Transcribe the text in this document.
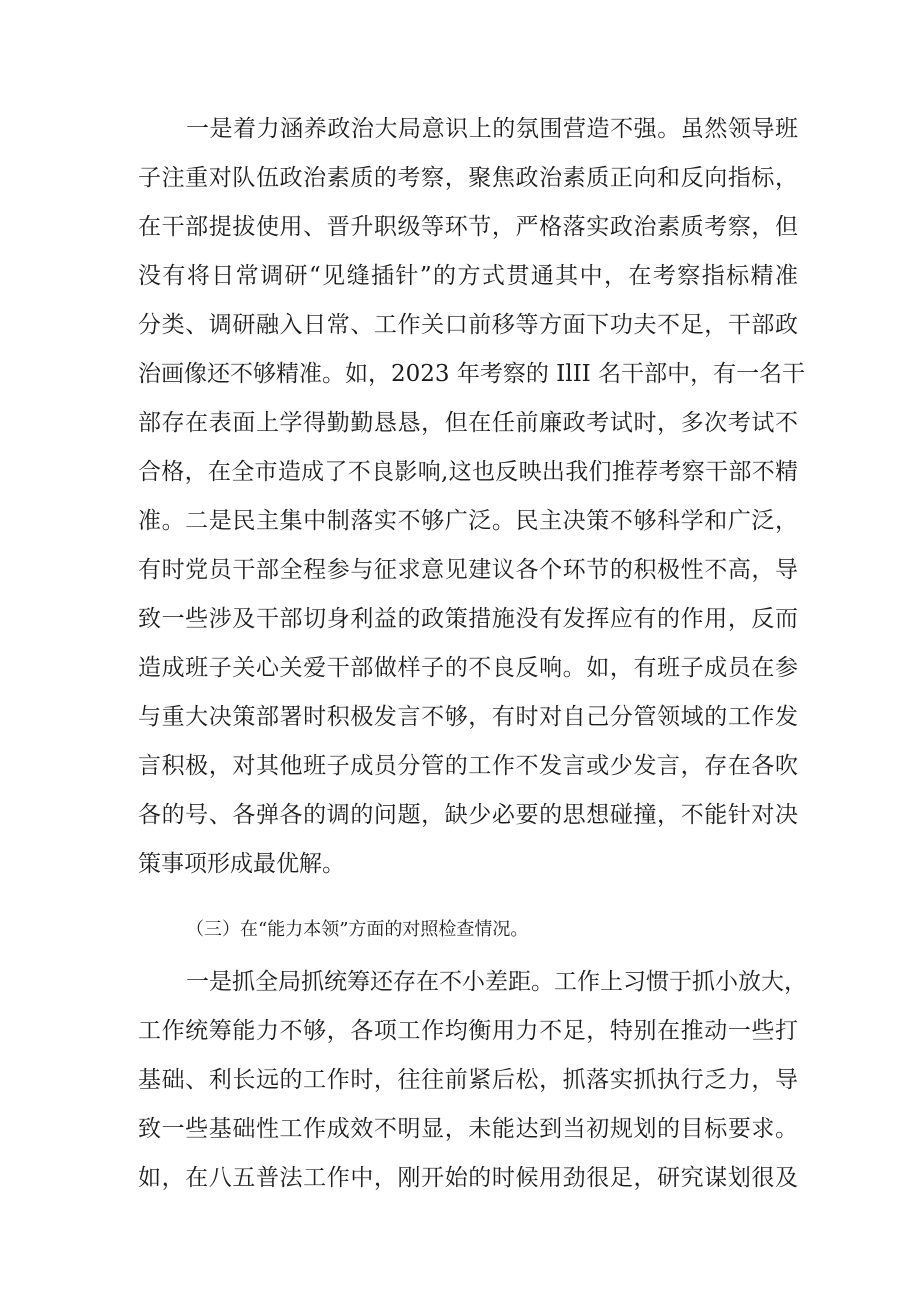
一是着力涵养政治大局意识上的氛围营造不强。虽然领导班
子注重对队伍政治素质的考察，聚焦政治素质正向和反向指标，
在干部提拔使用、晋升职级等环节，严格落实政治素质考察，但
没有将日常调研“见缝插针”的方式贯通其中，在考察指标精准
分类、调研融入日常、工作关口前移等方面下功夫不足，干部政
治画像还不够精准。如，2023 年考察的 IlII 名干部中，有一名干
部存在表面上学得勤勤恳恳，但在任前廉政考试时，多次考试不
合格，在全市造成了不良影响,这也反映出我们推荐考察干部不精
准。二是民主集中制落实不够广泛。民主决策不够科学和广泛，
有时党员干部全程参与征求意见建议各个环节的积极性不高，导
致一些涉及干部切身利益的政策措施没有发挥应有的作用，反而
造成班子关心关爱干部做样子的不良反响。如，有班子成员在参
与重大决策部署时积极发言不够，有时对自己分管领域的工作发
言积极，对其他班子成员分管的工作不发言或少发言，存在各吹
各的号、各弹各的调的问题，缺少必要的思想碰撞，不能针对决
策事项形成最优解。
（三）在“能力本领”方面的对照检查情况。
一是抓全局抓统筹还存在不小差距。工作上习惯于抓小放大，
工作统筹能力不够，各项工作均衡用力不足，特别在推动一些打
基础、利长远的工作时，往往前紧后松，抓落实抓执行乏力，导
致一些基础性工作成效不明显，未能达到当初规划的目标要求。
如，在八五普法工作中，刚开始的时候用劲很足，研究谋划很及
